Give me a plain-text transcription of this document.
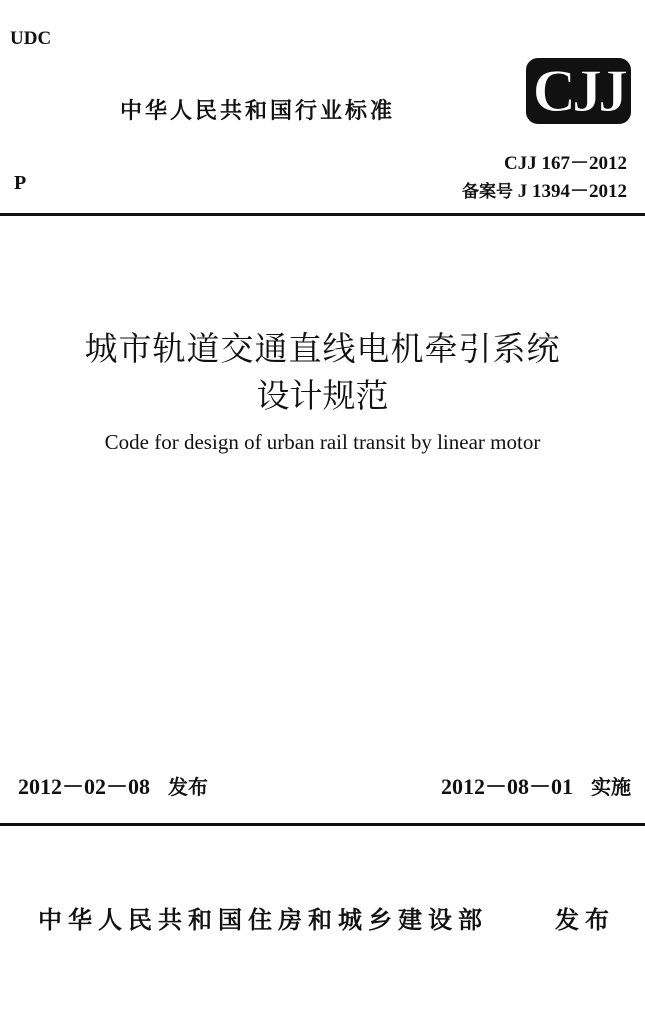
UDC
中华人民共和国行业标准 CJJ
CJJ 167－2012
P	备案号 J 1394－2012
城市轨道交通直线电机牵引系统
设计规范
Code for design of urban rail transit by linear motor
2012－02－08 发布	2012－08－01 实施
中华人民共和国住房和城乡建设部	发布
